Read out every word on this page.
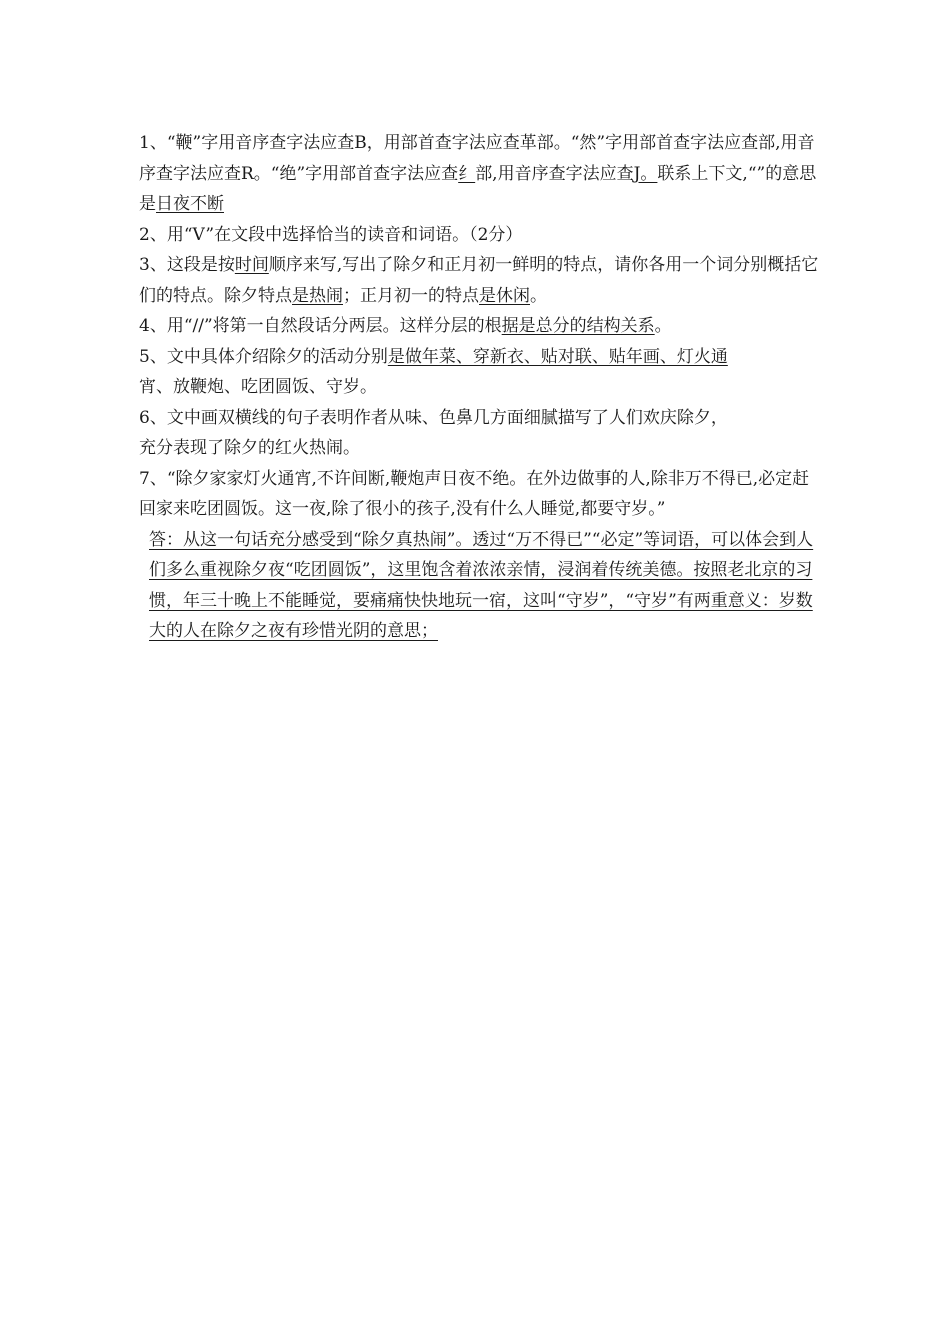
1、“鞭”字用音序查字法应查B，用部首查字法应查革部。“然”字用部首查字法应查部,用音序查字法应查R。“绝”字用部首查字法应查纟部,用音序查字法应查J。联系上下文,“”的意思是日夜不断

2、用“V”在文段中选择恰当的读音和词语。（2分）

3、这段是按时间顺序来写,写出了除夕和正月初一鲜明的特点，请你各用一个词分别概括它们的特点。除夕特点是热闹；正月初一的特点是休闲。

4、用“//”将第一自然段话分两层。这样分层的根据是总分的结构关系。

5、文中具体介绍除夕的活动分别是做年菜、穿新衣、贴对联、贴年画、灯火通
宵、放鞭炮、吃团圆饭、守岁。

6、文中画双横线的句子表明作者从味、色鼻几方面细腻描写了人们欢庆除夕，
充分表现了除夕的红火热闹。

7、“除夕家家灯火通宵,不许间断,鞭炮声日夜不绝。在外边做事的人,除非万不得已,必定赶回家来吃团圆饭。这一夜,除了很小的孩子,没有什么人睡觉,都要守岁。”

答：从这一句话充分感受到“除夕真热闹”。透过“万不得已”“必定”等词语，可以体会到人们多么重视除夕夜“吃团圆饭”，这里饱含着浓浓亲情，浸润着传统美德。按照老北京的习惯，年三十晚上不能睡觉，要痛痛快快地玩一宿，这叫“守岁”，“守岁”有两重意义：岁数大的人在除夕之夜有珍惜光阴的意思；
